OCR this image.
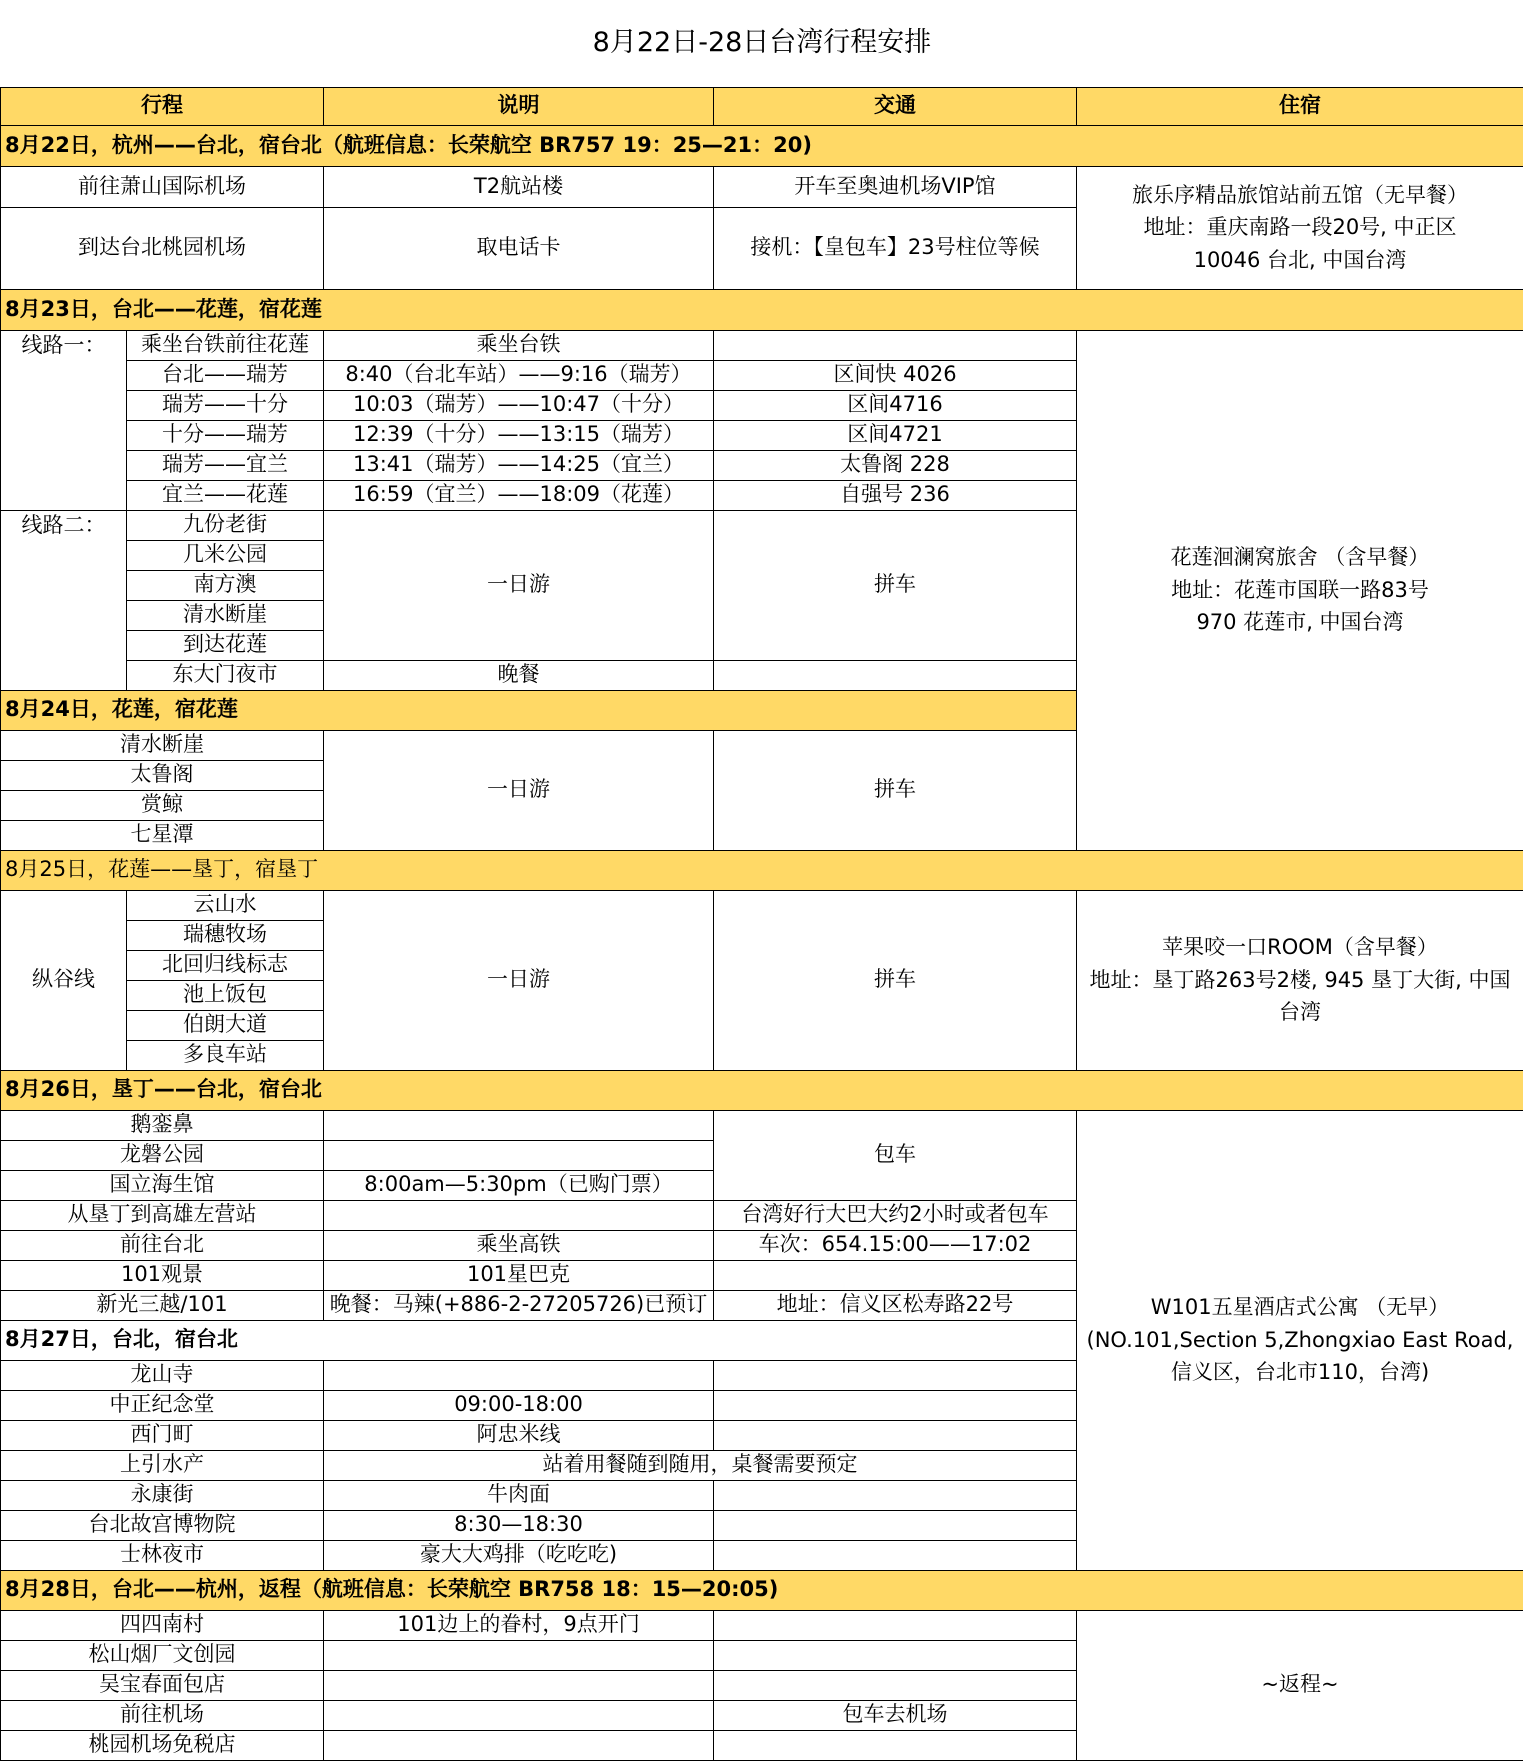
8月22日-28日台湾行程安排				
行程		说明	交通	住宿
8月22日，杭州——台北，宿台北（航班信息：长荣航空 BR757 19：25—21：20)				
前往萧山国际机场		T2航站楼	开车至奥迪机场VIP馆	旅乐序精品旅馆站前五馆（无早餐）
地址：重庆南路一段20号, 中正区
10046 台北, 中国台湾
到达台北桃园机场		取电话卡	接机：【皇包车】23号柱位等候	
8月23日，台北——花莲，宿花莲				
线路一：	乘坐台铁前往花莲	乘坐台铁		花莲洄澜窝旅舍 （含早餐）
地址：花莲市国联一路83号
970 花莲市, 中国台湾
	台北——瑞芳	8:40（台北车站）——9:16（瑞芳）	区间快 4026	
	瑞芳——十分	10:03（瑞芳）——10:47（十分）	区间4716	
	十分——瑞芳	12:39（十分）——13:15（瑞芳）	区间4721	
	瑞芳——宜兰	13:41（瑞芳）——14:25（宜兰）	太鲁阁 228	
	宜兰——花莲	16:59（宜兰）——18:09（花莲）	自强号 236	
线路二：	九份老街	一日游	拼车	
	几米公园			
	南方澳			
	清水断崖			
	到达花莲			
	东大门夜市	晚餐		
8月24日，花莲，宿花莲				
清水断崖		一日游	拼车	
太鲁阁				
赏鲸				
七星潭				
8月25日，花莲——垦丁，宿垦丁				
纵谷线	云山水	一日游	拼车	苹果咬一口ROOM（含早餐）
地址：垦丁路263号2楼, 945 垦丁大街, 中国台湾
	瑞穗牧场			
	北回归线标志			
	池上饭包			
	伯朗大道			
	多良车站			
8月26日，垦丁——台北，宿台北				
鹅銮鼻			包车	W101五星酒店式公寓 （无早）
(NO.101,Section 5,Zhongxiao East Road,信义区，台北市110，台湾)
龙磐公园				
国立海生馆		8:00am—5:30pm（已购门票）		
从垦丁到高雄左营站			台湾好行大巴大约2小时或者包车	
前往台北		乘坐高铁	车次：654.15:00——17:02	
101观景		101星巴克		
新光三越/101		晚餐：马辣(+886-2-27205726)已预订	地址：信义区松寿路22号	
8月27日，台北，宿台北				
龙山寺				
中正纪念堂		09:00-18:00		
西门町		阿忠米线		
上引水产		站着用餐随到随用，桌餐需要预定		
永康街		牛肉面		
台北故宫博物院		8:30—18:30		
士林夜市		豪大大鸡排（吃吃吃)		
8月28日，台北——杭州，返程（航班信息：长荣航空 BR758 18：15—20:05)				
四四南村		101边上的眷村，9点开门		~返程~
松山烟厂文创园				
吴宝春面包店				
前往机场			包车去机场	
桃园机场免税店				
